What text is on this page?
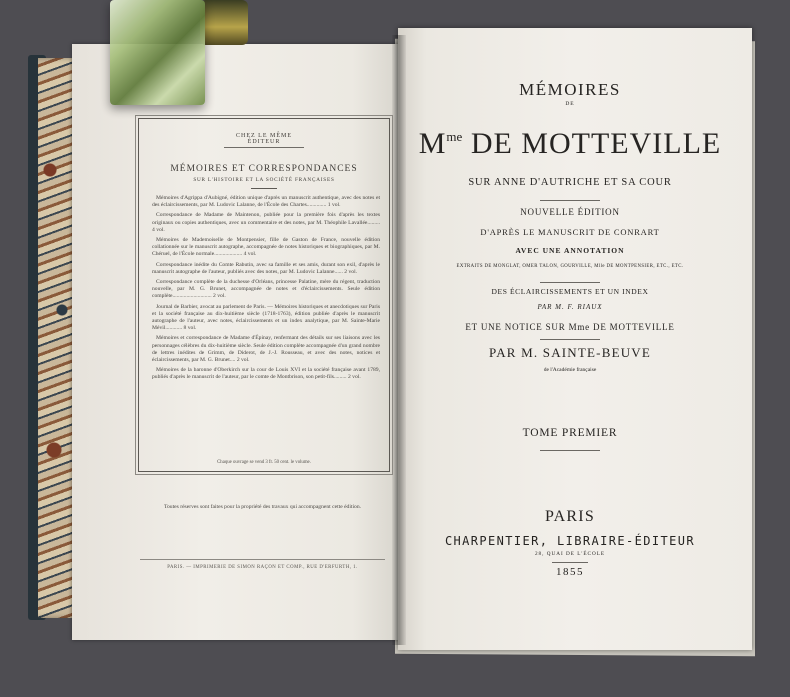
CHEZ LE MÊME ÉDITEUR
MÉMOIRES ET CORRESPONDANCES
SUR L'HISTOIRE ET LA SOCIÉTÉ FRANÇAISES
Mémoires d'Agrippa d'Aubigné, édition unique d'après un manuscrit authentique, avec des notes et des éclaircissements, par M. Ludovic Lalanne, de l'École des Chartes.............. 1 vol.
Correspondance de Madame de Maintenon, publiée pour la première fois d'après les textes originaux ou copies authentiques, avec un commentaire et des notes, par M. Théophile Lavallée......... 4 vol.
Mémoires de Mademoiselle de Montpensier, fille de Gaston de France, nouvelle édition collationnée sur le manuscrit autographe, accompagnée de notes historiques et biographiques, par M. Chéruel, de l'École normale.................... 4 vol.
Correspondance inédite du Comte Rabutin, avec sa famille et ses amis, durant son exil, d'après le manuscrit autographe de l'auteur, publiés avec des notes, par M. Ludovic Lalanne...... 2 vol.
Correspondance complète de la duchesse d'Orléans, princesse Palatine, mère du régent, traduction nouvelle, par M. G. Brunet, accompagnée de notes et d'éclaircissements. Seule édition complète............................ 2 vol.
Journal de Barbier, avocat au parlement de Paris. — Mémoires historiques et anecdotiques sur Paris et la société française au dix-huitième siècle (1718-1763), édition publiée d'après le manuscrit autographe de l'auteur, avec notes, éclaircissements et un index analytique, par M. Sainte-Marie Mévil............ 8 vol.
Mémoires et correspondance de Madame d'Épinay, renfermant des détails sur ses liaisons avec les personnages célèbres du dix-huitième siècle. Seule édition complète accompagnée d'un grand nombre de lettres inédites de Grimm, de Diderot, de J.-J. Rousseau, et avec des notes, notices et éclaircissements, par M. G. Brunet.... 2 vol.
Mémoires de la baronne d'Oberkirch sur la cour de Louis XVI et la société française avant 1789, publiés d'après le manuscrit de l'auteur, par le comte de Montbrison, son petit-fils......... 2 vol.
Chaque ouvrage se vend 3 fr. 50 cent. le volume.
Toutes réserves sont faites pour la propriété des travaux qui accompagnent cette édition.
PARIS. — IMPRIMERIE DE SIMON RAÇON ET COMP., RUE D'ERFURTH, 1.
MÉMOIRES
DE
$M^{me}$ DE MOTTEVILLE
SUR ANNE D'AUTRICHE ET SA COUR
NOUVELLE ÉDITION
D'APRÈS LE MANUSCRIT DE CONRART
AVEC UNE ANNOTATION
EXTRAITS DE MONGLAT, OMER TALON, GOURVILLE, Mlle DE MONTPENSIER, ETC., ETC.
DES ÉCLAIRCISSEMENTS ET UN INDEX
PAR M. F. RIAUX
ET UNE NOTICE SUR Mme DE MOTTEVILLE
PAR M. SAINTE-BEUVE
de l'Académie française
TOME PREMIER
PARIS
CHARPENTIER, LIBRAIRE-ÉDITEUR
28, QUAI DE L'ÉCOLE
1855
